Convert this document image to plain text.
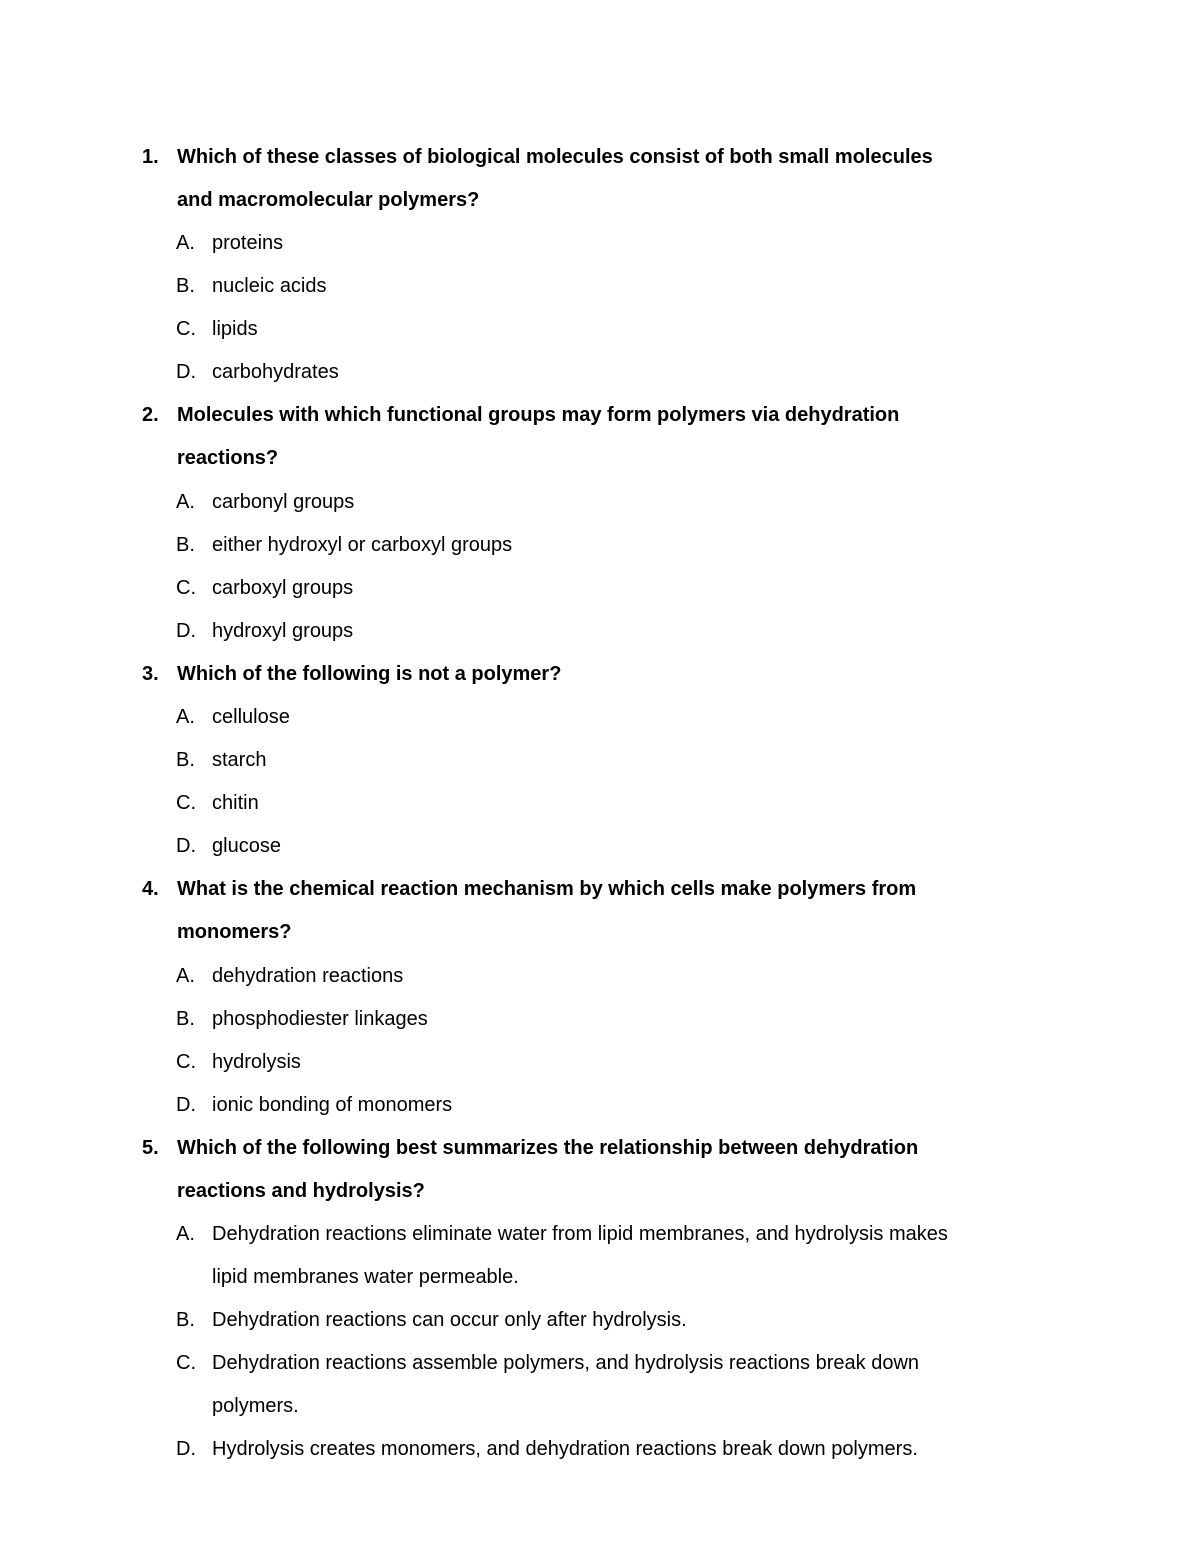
1. Which of these classes of biological molecules consist of both small molecules
and macromolecular polymers?
A. proteins
B. nucleic acids
C. lipids
D. carbohydrates
2. Molecules with which functional groups may form polymers via dehydration
reactions?
A. carbonyl groups
B. either hydroxyl or carboxyl groups
C. carboxyl groups
D. hydroxyl groups
3. Which of the following is not a polymer?
A. cellulose
B. starch
C. chitin
D. glucose
4. What is the chemical reaction mechanism by which cells make polymers from
monomers?
A. dehydration reactions
B. phosphodiester linkages
C. hydrolysis
D. ionic bonding of monomers
5. Which of the following best summarizes the relationship between dehydration
reactions and hydrolysis?
A. Dehydration reactions eliminate water from lipid membranes, and hydrolysis makes
lipid membranes water permeable.
B. Dehydration reactions can occur only after hydrolysis.
C. Dehydration reactions assemble polymers, and hydrolysis reactions break down
polymers.
D. Hydrolysis creates monomers, and dehydration reactions break down polymers.
